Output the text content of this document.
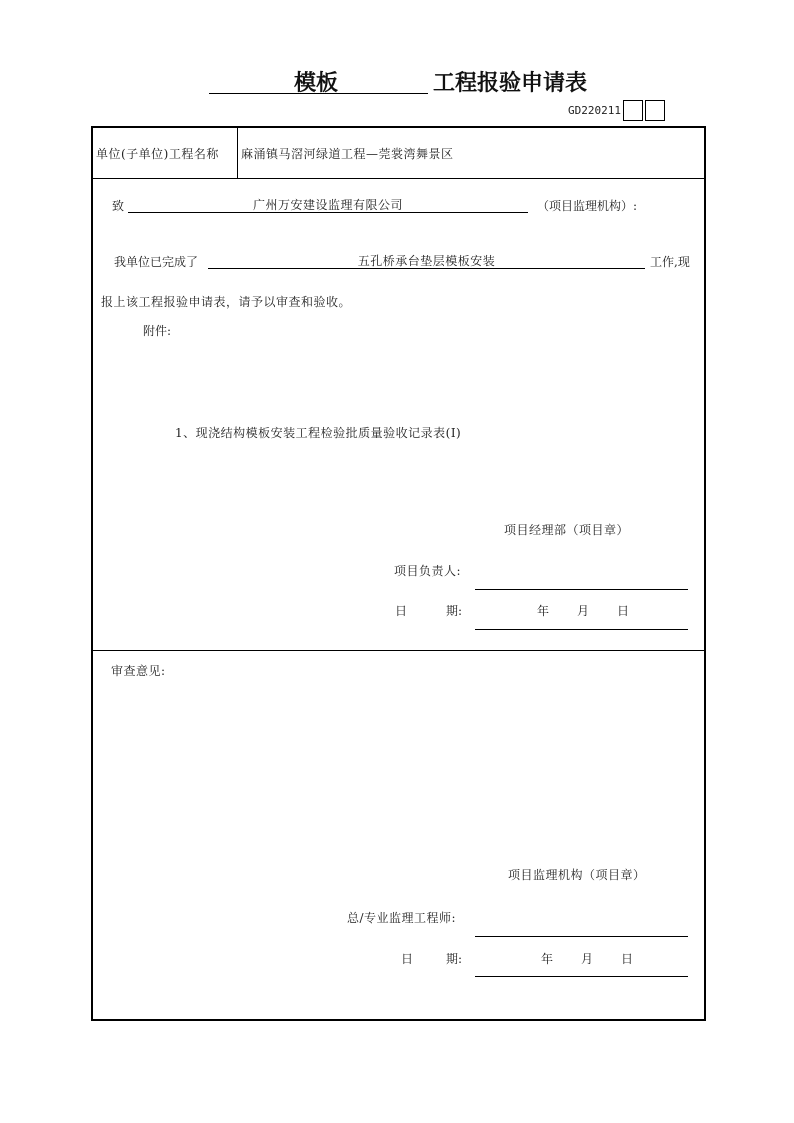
模板	工程报验申请表
GD220211
单位(子单位)工程名称 麻涌镇马滘河绿道工程—莞裳湾舞景区
致	广州万安建设监理有限公司	（项目监理机构）:
我单位已完成了	五孔桥承台垫层模板安装	工作,现
报上该工程报验申请表，请予以审查和验收。
附件:
1、现浇结构模板安装工程检验批质量验收记录表(Ⅰ)
项目经理部（项目章）
项目负责人:
日	期:	年 月 日
审查意见:
项目监理机构（项目章）
总/专业监理工程师:
日	期:	年 月 日
